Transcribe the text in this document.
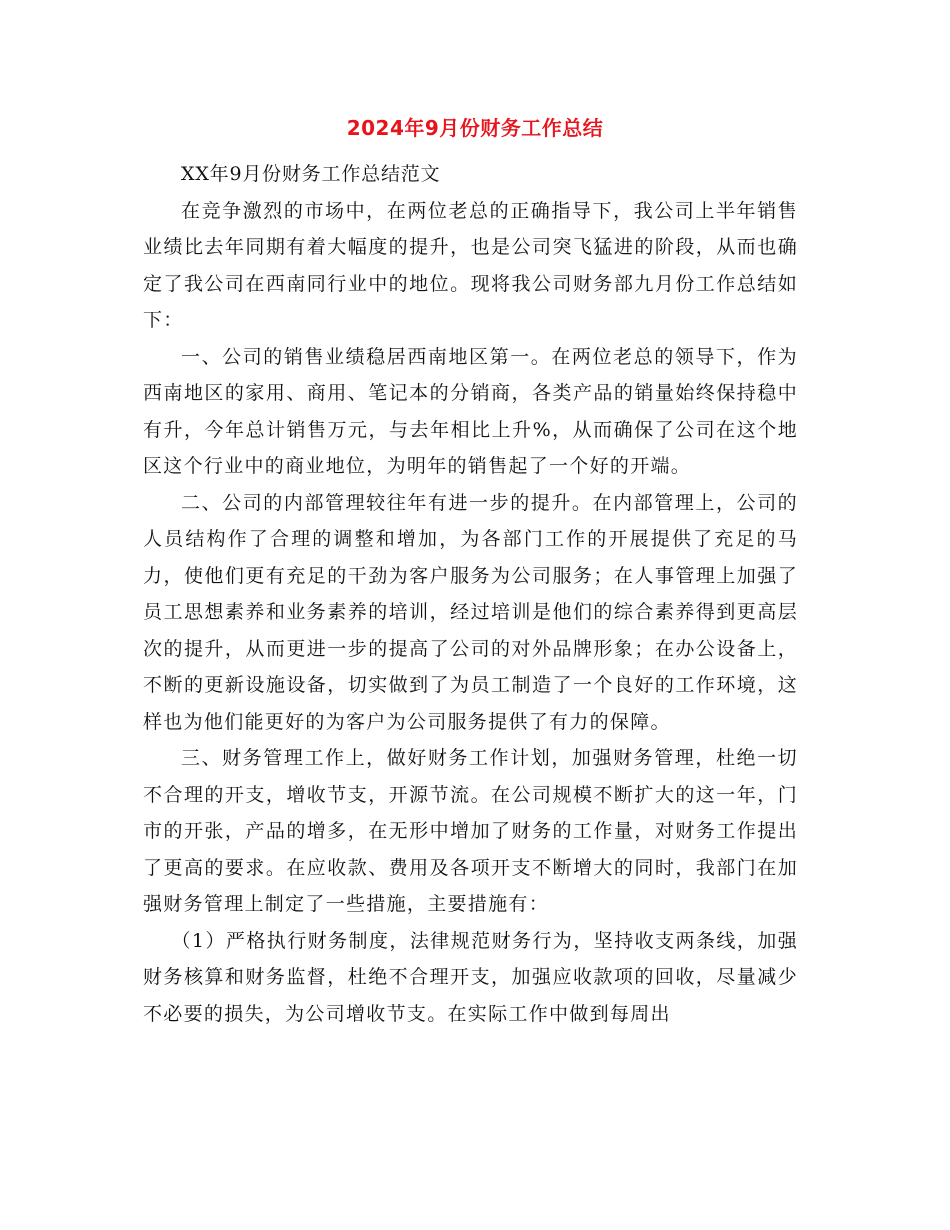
2024年9月份财务工作总结

XX年9月份财务工作总结范文

在竞争激烈的市场中，在两位老总的正确指导下，我公司上半年销售业绩比去年同期有着大幅度的提升，也是公司突飞猛进的阶段，从而也确定了我公司在西南同行业中的地位。现将我公司财务部九月份工作总结如下：

一、公司的销售业绩稳居西南地区第一。在两位老总的领导下，作为西南地区的家用、商用、笔记本的分销商，各类产品的销量始终保持稳中有升，今年总计销售万元，与去年相比上升%，从而确保了公司在这个地区这个行业中的商业地位，为明年的销售起了一个好的开端。

二、公司的内部管理较往年有进一步的提升。在内部管理上，公司的人员结构作了合理的调整和增加，为各部门工作的开展提供了充足的马力，使他们更有充足的干劲为客户服务为公司服务；在人事管理上加强了员工思想素养和业务素养的培训，经过培训是他们的综合素养得到更高层次的提升，从而更进一步的提高了公司的对外品牌形象；在办公设备上，不断的更新设施设备，切实做到了为员工制造了一个良好的工作环境，这样也为他们能更好的为客户为公司服务提供了有力的保障。

三、财务管理工作上，做好财务工作计划，加强财务管理，杜绝一切不合理的开支，增收节支，开源节流。在公司规模不断扩大的这一年，门市的开张，产品的增多，在无形中增加了财务的工作量，对财务工作提出了更高的要求。在应收款、费用及各项开支不断增大的同时，我部门在加强财务管理上制定了一些措施，主要措施有：

（1）严格执行财务制度，法律规范财务行为，坚持收支两条线，加强财务核算和财务监督，杜绝不合理开支，加强应收款项的回收，尽量减少不必要的损失，为公司增收节支。在实际工作中做到每周出
